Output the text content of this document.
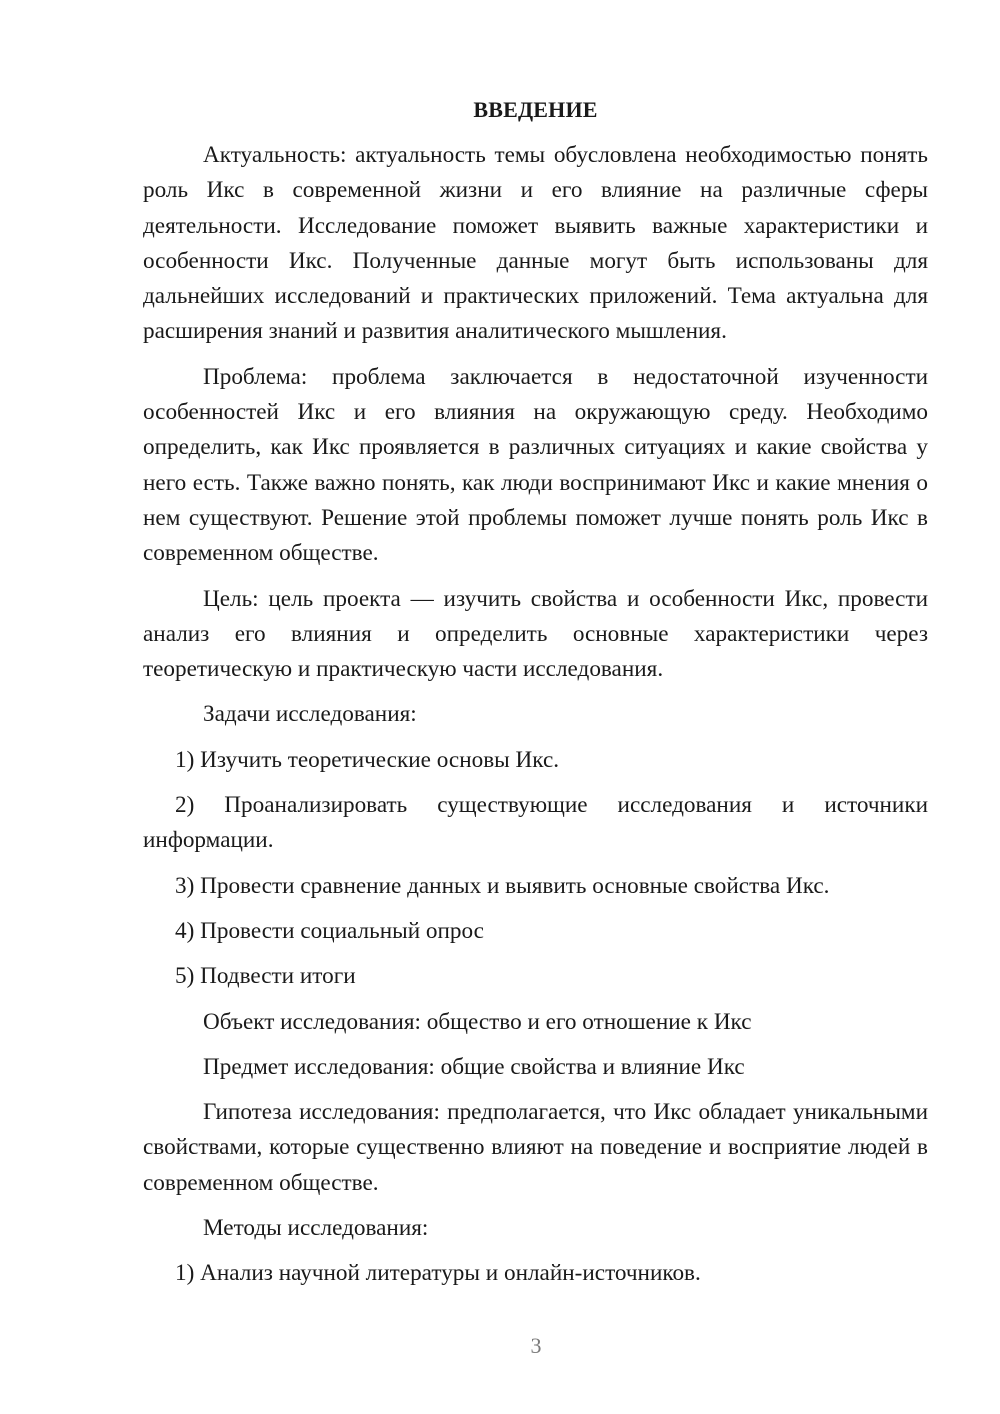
ВВЕДЕНИЕ

Актуальность: актуальность темы обусловлена необходимостью понять роль Икс в современной жизни и его влияние на различные сферы деятельности. Исследование поможет выявить важные характеристики и особенности Икс. Полученные данные могут быть использованы для дальнейших исследований и практических приложений. Тема актуальна для расширения знаний и развития аналитического мышления.

Проблема: проблема заключается в недостаточной изученности особенностей Икс и его влияния на окружающую среду. Необходимо определить, как Икс проявляется в различных ситуациях и какие свойства у него есть. Также важно понять, как люди воспринимают Икс и какие мнения о нем существуют. Решение этой проблемы поможет лучше понять роль Икс в современном обществе.

Цель: цель проекта — изучить свойства и особенности Икс, провести анализ его влияния и определить основные характеристики через теоретическую и практическую части исследования.

Задачи исследования:

1) Изучить теоретические основы Икс.

2) Проанализировать существующие исследования и источники информации.

3) Провести сравнение данных и выявить основные свойства Икс.

4) Провести социальный опрос

5) Подвести итоги

Объект исследования: общество и его отношение к Икс

Предмет исследования: общие свойства и влияние Икс

Гипотеза исследования: предполагается, что Икс обладает уникальными свойствами, которые существенно влияют на поведение и восприятие людей в современном обществе.

Методы исследования:

1) Анализ научной литературы и онлайн-источников.

3
